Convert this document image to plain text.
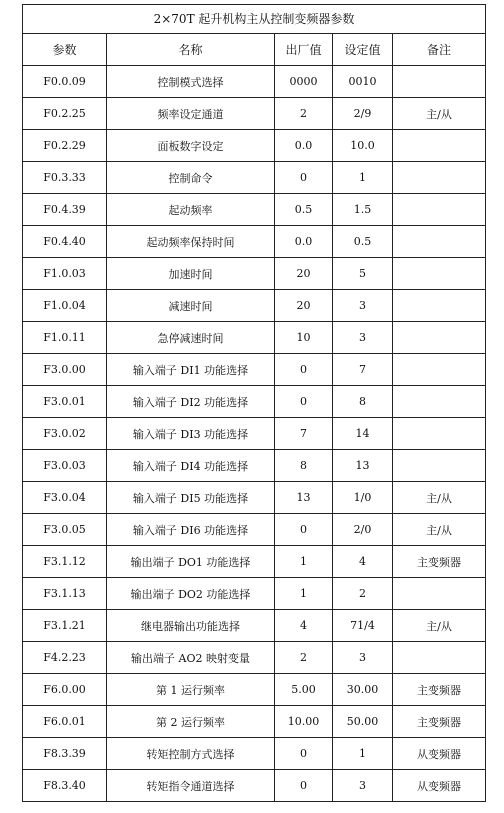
2×70T 起升机构主从控制变频器参数
参数	名称	出厂值	设定值	备注
F0.0.09	控制模式选择	0000	0010	
F0.2.25	频率设定通道	2	2/9	主/从
F0.2.29	面板数字设定	0.0	10.0	
F0.3.33	控制命令	0	1	
F0.4.39	起动频率	0.5	1.5	
F0.4.40	起动频率保持时间	0.0	0.5	
F1.0.03	加速时间	20	5	
F1.0.04	减速时间	20	3	
F1.0.11	急停减速时间	10	3	
F3.0.00	输入端子 DI1 功能选择	0	7	
F3.0.01	输入端子 DI2 功能选择	0	8	
F3.0.02	输入端子 DI3 功能选择	7	14	
F3.0.03	输入端子 DI4 功能选择	8	13	
F3.0.04	输入端子 DI5 功能选择	13	1/0	主/从
F3.0.05	输入端子 DI6 功能选择	0	2/0	主/从
F3.1.12	输出端子 DO1 功能选择	1	4	主变频器
F3.1.13	输出端子 DO2 功能选择	1	2	
F3.1.21	继电器输出功能选择	4	71/4	主/从
F4.2.23	输出端子 AO2 映射变量	2	3	
F6.0.00	第 1 运行频率	5.00	30.00	主变频器
F6.0.01	第 2 运行频率	10.00	50.00	主变频器
F8.3.39	转矩控制方式选择	0	1	从变频器
F8.3.40	转矩指令通道选择	0	3	从变频器
